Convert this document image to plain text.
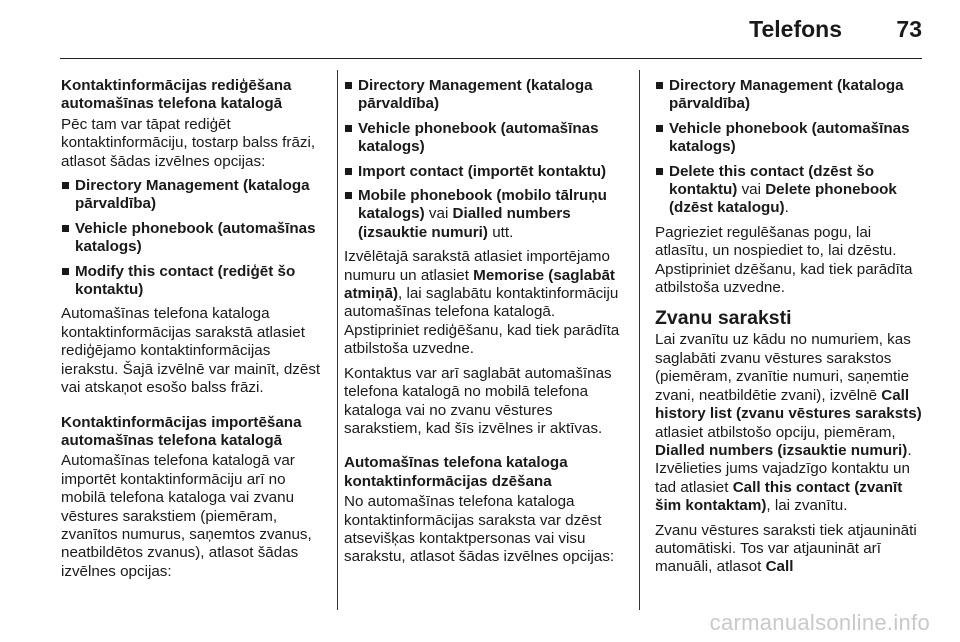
Telefons 73
Kontaktinformācijas rediģēšana automašīnas telefona katalogā

Pēc tam var tāpat rediģēt kontaktinformāciju, tostarp balss frāzi, atlasot šādas izvēlnes opcijas:

Directory Management (kataloga pārvaldība)
Vehicle phonebook (automašīnas katalogs)
Modify this contact (rediģēt šo kontaktu)

Automašīnas telefona kataloga kontaktinformācijas sarakstā atlasiet rediģējamo kontaktinformācijas ierakstu. Šajā izvēlnē var mainīt, dzēst vai atskaņot esošo balss frāzi.

Kontaktinformācijas importēšana automašīnas telefona katalogā

Automašīnas telefona katalogā var importēt kontaktinformāciju arī no mobilā telefona kataloga vai zvanu vēstures sarakstiem (piemēram, zvanītos numurus, saņemtos zvanus, neatbildētos zvanus), atlasot šādas izvēlnes opcijas:

Directory Management (kataloga pārvaldība)
Vehicle phonebook (automašīnas katalogs)
Import contact (importēt kontaktu)
Mobile phonebook (mobilo tālruņu katalogs) vai Dialled numbers (izsauktie numuri) utt.

Izvēlētajā sarakstā atlasiet importējamo numuru un atlasiet Memorise (saglabāt atmiņā), lai saglabātu kontaktinformāciju automašīnas telefona katalogā. Apstipriniet rediģēšanu, kad tiek parādīta atbilstoša uzvedne.

Kontaktus var arī saglabāt automašīnas telefona katalogā no mobilā telefona kataloga vai no zvanu vēstures sarakstiem, kad šīs izvēlnes ir aktīvas.

Automašīnas telefona kataloga kontaktinformācijas dzēšana

No automašīnas telefona kataloga kontaktinformācijas saraksta var dzēst atsevišķas kontaktpersonas vai visu sarakstu, atlasot šādas izvēlnes opcijas:

Directory Management (kataloga pārvaldība)
Vehicle phonebook (automašīnas katalogs)
Delete this contact (dzēst šo kontaktu) vai Delete phonebook (dzēst katalogu).

Pagrieziet regulēšanas pogu, lai atlasītu, un nospiediet to, lai dzēstu. Apstipriniet dzēšanu, kad tiek parādīta atbilstoša uzvedne.

Zvanu saraksti

Lai zvanītu uz kādu no numuriem, kas saglabāti zvanu vēstures sarakstos (piemēram, zvanītie numuri, saņemtie zvani, neatbildētie zvani), izvēlnē Call history list (zvanu vēstures saraksts) atlasiet atbilstošo opciju, piemēram, Dialled numbers (izsauktie numuri). Izvēlieties jums vajadzīgo kontaktu un tad atlasiet Call this contact (zvanīt šim kontaktam), lai zvanītu.

Zvanu vēstures saraksti tiek atjaunināti automātiski. Tos var atjaunināt arī manuāli, atlasot Call

carmanualsonline.info
